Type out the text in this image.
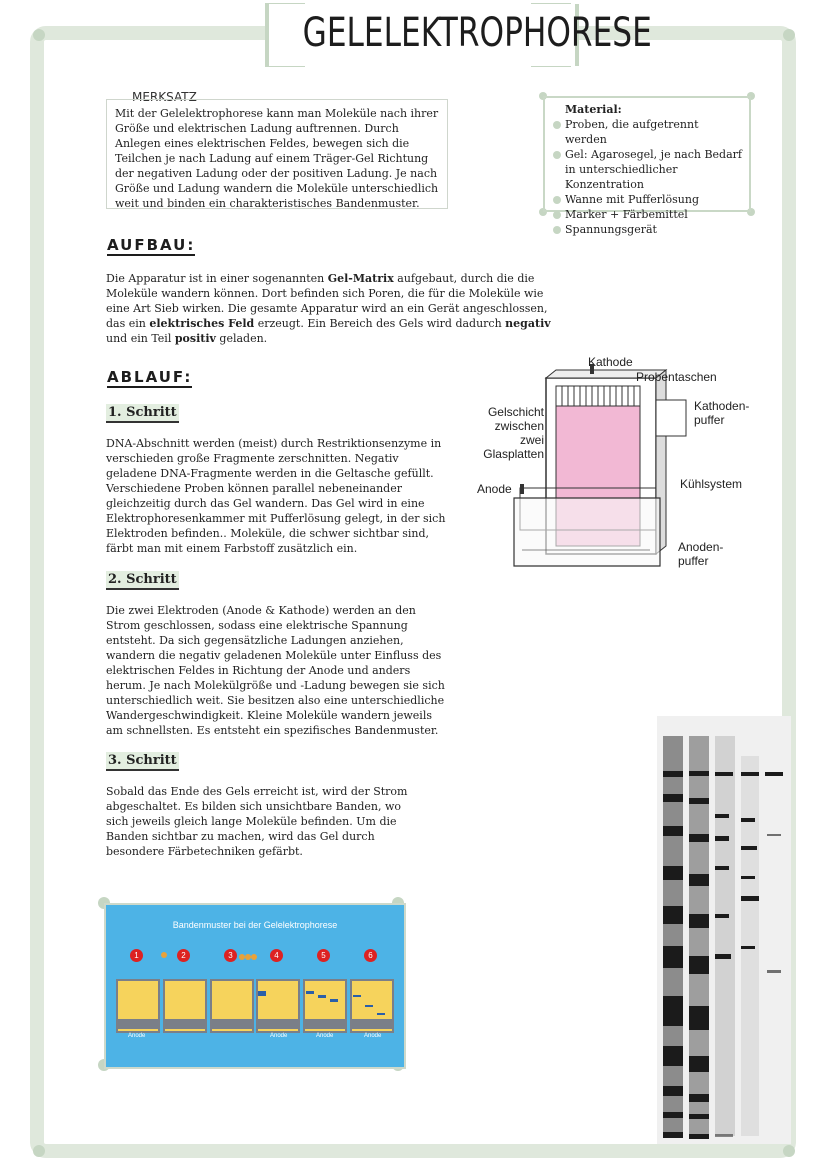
GELELEKTROPHORESE
MERKSATZ
Mit der Gelelektrophorese kann man Moleküle nach ihrer Größe und elektrischen Ladung auftrennen. Durch Anlegen eines elektrischen Feldes, bewegen sich die Teilchen je nach Ladung auf einem Träger-Gel Richtung der negativen Ladung oder der positiven Ladung. Je nach Größe und Ladung wandern die Moleküle unterschiedlich weit und binden ein charakteristisches Bandenmuster.
Material:
Proben, die aufgetrennt werden
Gel: Agarosegel, je nach Bedarf in unterschiedlicher Konzentration
Wanne mit Pufferlösung
Marker + Färbemittel
Spannungsgerät
AUFBAU:
Die Apparatur ist in einer sogenannten Gel-Matrix aufgebaut, durch die die Moleküle wandern können. Dort befinden sich Poren, die für die Moleküle wie eine Art Sieb wirken. Die gesamte Apparatur wird an ein Gerät angeschlossen, das ein elektrisches Feld erzeugt. Ein Bereich des Gels wird dadurch negativ und ein Teil positiv geladen.
ABLAUF:
1. Schritt
DNA-Abschnitt werden (meist) durch Restriktionsenzyme in verschieden große Fragmente zerschnitten. Negativ geladene DNA-Fragmente werden in die Geltasche gefüllt. Verschiedene Proben können parallel nebeneinander gleichzeitig durch das Gel wandern. Das Gel wird in eine Elektrophoresenkammer mit Pufferlösung gelegt, in der sich Elektroden befinden.. Moleküle, die schwer sichtbar sind, färbt man mit einem Farbstoff zusätzlich ein.
2. Schritt
Die zwei Elektroden (Anode & Kathode) werden an den Strom geschlossen, sodass eine elektrische Spannung entsteht. Da sich gegensätzliche Ladungen anziehen, wandern die negativ geladenen Moleküle unter Einfluss des elektrischen Feldes in Richtung der Anode und anders herum. Je nach Molekülgröße und -Ladung bewegen sie sich unterschiedlich weit. Sie besitzen also eine unterschiedliche Wandergeschwindigkeit. Kleine Moleküle wandern jeweils am schnellsten. Es entsteht ein spezifisches Bandenmuster.
3. Schritt
Sobald das Ende des Gels erreicht ist, wird der Strom abgeschaltet. Es bilden sich unsichtbare Banden, wo sich jeweils gleich lange Moleküle befinden. Um die Banden sichtbar zu machen, wird das Gel durch besondere Färbetechniken gefärbt.
Kathode
Probentaschen
Gelschicht zwischen zwei Glasplatten
Kathoden-
puffer
Kühlsystem
Anode
Anoden-
puffer
Bandenmuster bei der Gelelektrophorese
1	2	3	4	5	6
Anode	Anode	Anode	Anode
